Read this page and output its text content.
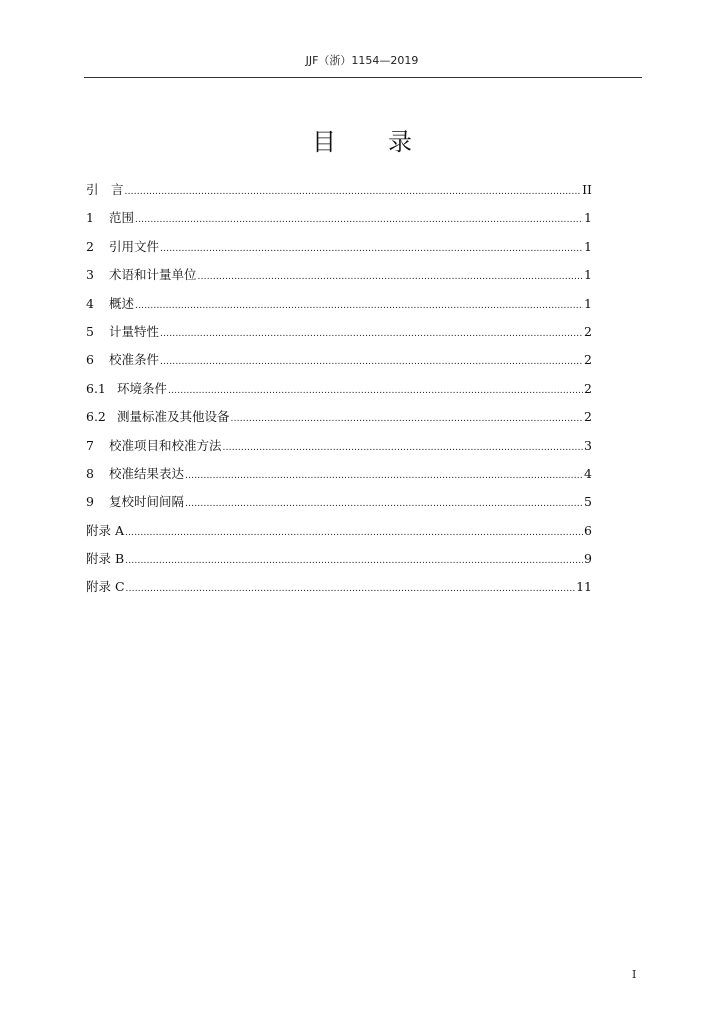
JJF（浙）1154—2019
目录
引　言 .....	II
1	范围 .....	1
2	引用文件 .....	1
3	术语和计量单位 .....	1
4	概述 .....	1
5	计量特性 .....	2
6	校准条件 .....	2
6.1 环境条件 .....	2
6.2 测量标准及其他设备 .....	2
7	校准项目和校准方法 .....	3
8	校准结果表达 .....	4
9	复校时间间隔 .....	5
附录 A .....	6
附录 B .....	9
附录 C .....	11
I
